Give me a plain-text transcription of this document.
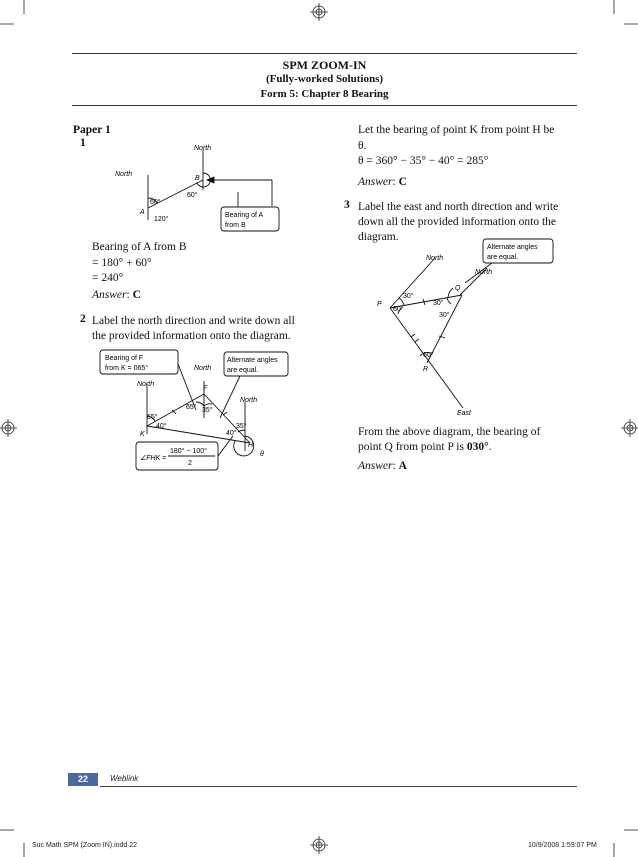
SPM ZOOM-IN
(Fully-worked Solutions)
Form 5: Chapter 8 Bearing
Paper 1
1	North
North
B
A
60°
60°
120°
Bearing of A
from B
Bearing of A from B
= 180° + 60°
= 240°
Answer: C
2 Label the north direction and write down all
the provided information onto the diagram.
Bearing of F
from K = 065°
Alternate angles
are equal.
North
North
North
F
K
H
θ
65°
40°
65° 35°
35°
40°
∠FHK =
180° − 100°
2
Let the bearing of point K from point H be
θ.
θ = 360° − 35° − 40° = 285°
Answer: C
3 Label the east and north direction and write
down all the provided information onto the
diagram.
Alternate angles
are equal.
North
North
East
P
Q
R
30°
60°
30°
30°
60°
From the above diagram, the bearing of
point Q from point P is 030°.
Answer: A
22	Weblink
Suc Math SPM (Zoom IN).indd 22	10/9/2008 1:59:07 PM
